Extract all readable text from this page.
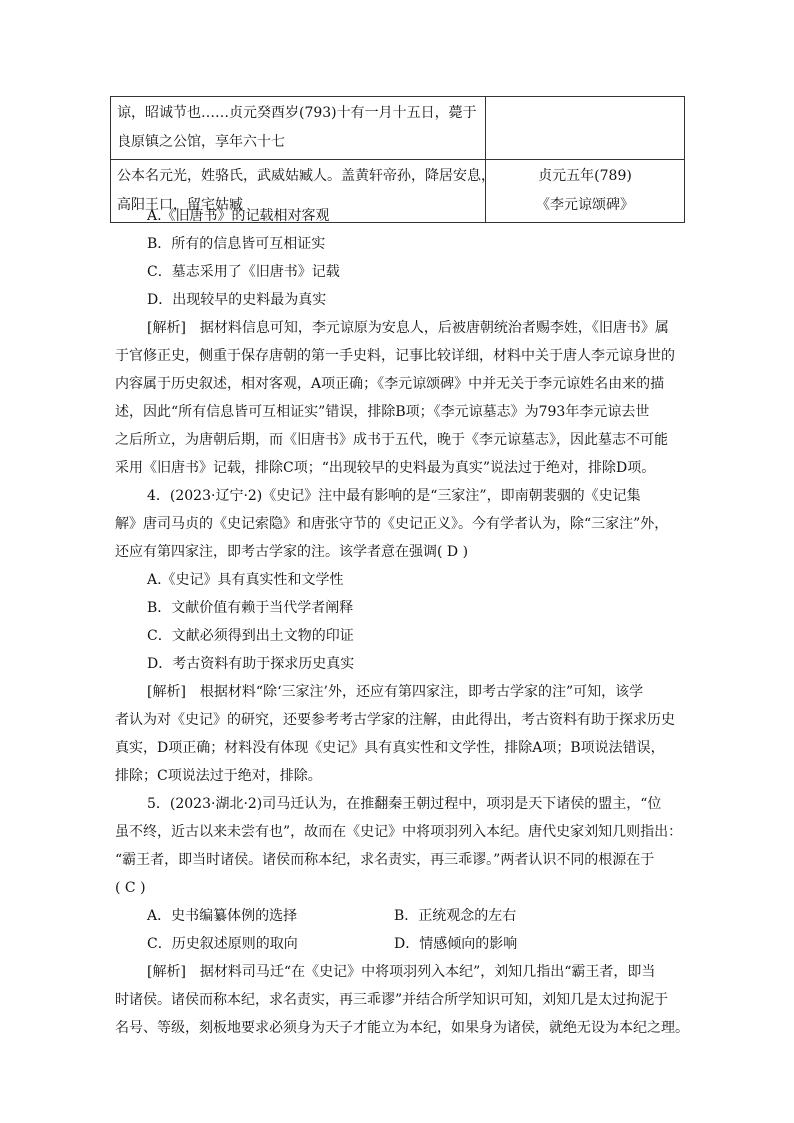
谅，昭诚节也……贞元癸酉岁(793)十有一月十五日，薨于
良原镇之公馆，享年六十七	

公本名元光，姓骆氏，武威姑臧人。盖黄轩帝孙，降居安息，
高阳王口，留宅姑臧	贞元五年(789)
《李元谅颂碑》
A.《旧唐书》的记载相对客观
B．所有的信息皆可互相证实
C．墓志采用了《旧唐书》记载
D．出现较早的史料最为真实
[解析]　据材料信息可知，李元谅原为安息人，后被唐朝统治者赐李姓，《旧唐书》属
于官修正史，侧重于保存唐朝的第一手史料，记事比较详细，材料中关于唐人李元谅身世的
内容属于历史叙述，相对客观，A项正确；《李元谅颂碑》中并无关于李元谅姓名由来的描
述，因此“所有信息皆可互相证实”错误，排除B项；《李元谅墓志》为793年李元谅去世
之后所立，为唐朝后期，而《旧唐书》成书于五代，晚于《李元谅墓志》，因此墓志不可能
采用《旧唐书》记载，排除C项；“出现较早的史料最为真实”说法过于绝对，排除D项。
4．(2023·辽宁·2)《史记》注中最有影响的是“三家注”，即南朝裴骃的《史记集
解》唐司马贞的《史记索隐》和唐张守节的《史记正义》。今有学者认为，除“三家注”外，
还应有第四家注，即考古学家的注。该学者意在强调( D )
A.《史记》具有真实性和文学性
B．文献价值有赖于当代学者阐释
C．文献必须得到出土文物的印证
D．考古资料有助于探求历史真实
[解析]　根据材料“除‘三家注’外，还应有第四家注，即考古学家的注”可知，该学
者认为对《史记》的研究，还要参考考古学家的注解，由此得出，考古资料有助于探求历史
真实，D项正确；材料没有体现《史记》具有真实性和文学性，排除A项；B项说法错误，
排除；C项说法过于绝对，排除。
5．(2023·湖北·2)司马迁认为，在推翻秦王朝过程中，项羽是天下诸侯的盟主，“位
虽不终，近古以来未尝有也”，故而在《史记》中将项羽列入本纪。唐代史家刘知几则指出：
“霸王者，即当时诸侯。诸侯而称本纪，求名责实，再三乖谬。”两者认识不同的根源在于
( C )
A．史书编纂体例的选择	B．正统观念的左右
C．历史叙述原则的取向	D．情感倾向的影响
[解析]　据材料司马迁“在《史记》中将项羽列入本纪”，刘知几指出“霸王者，即当
时诸侯。诸侯而称本纪，求名责实，再三乖谬”并结合所学知识可知，刘知几是太过拘泥于
名号、等级，刻板地要求必须身为天子才能立为本纪，如果身为诸侯，就绝无设为本纪之理。
